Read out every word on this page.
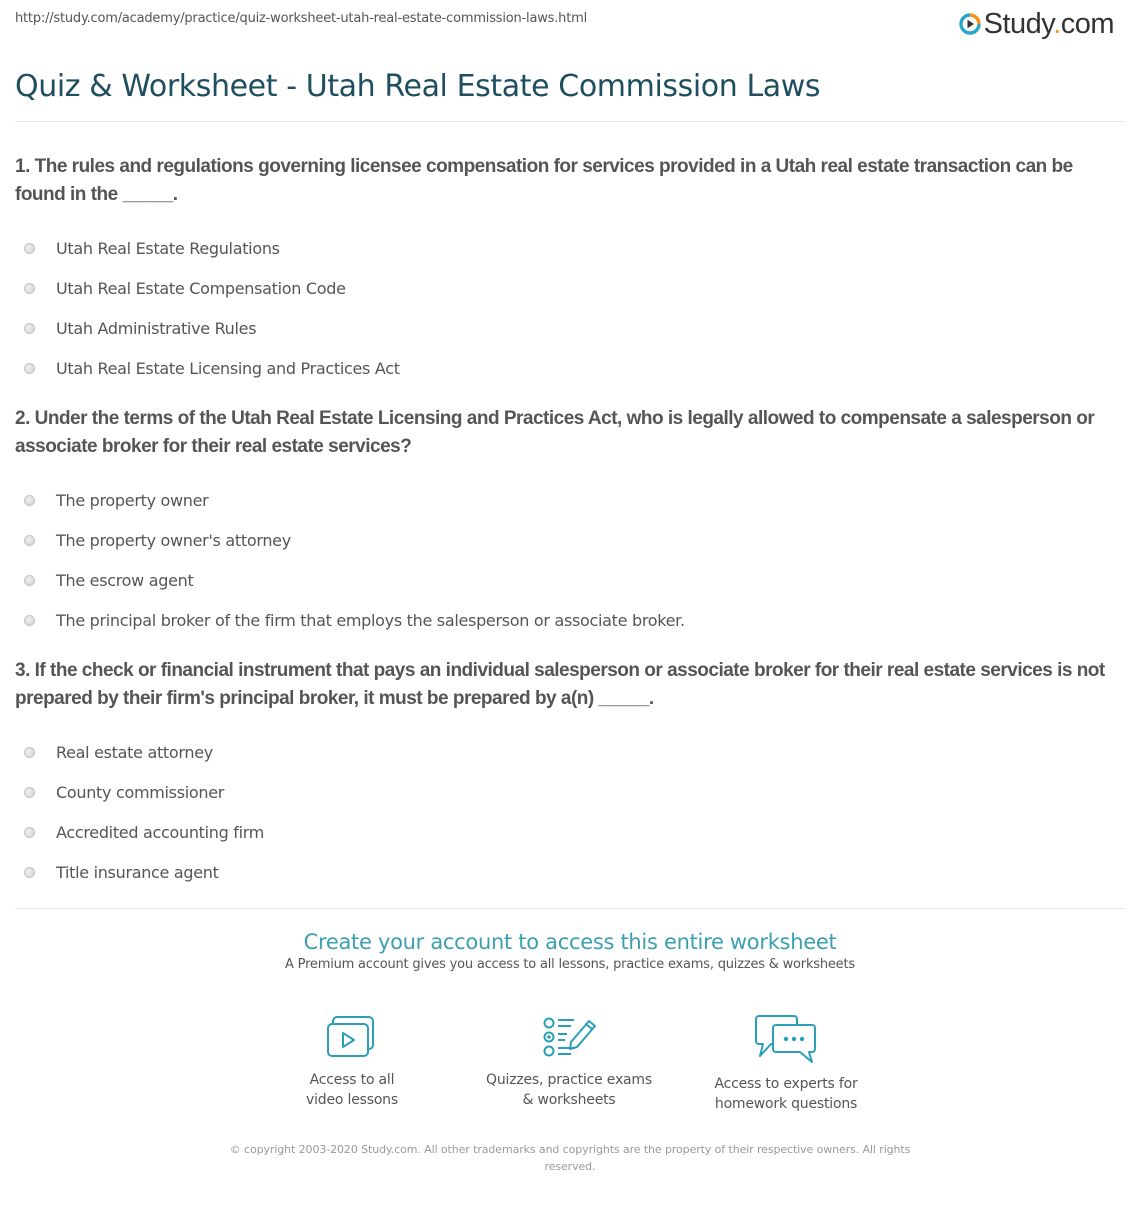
http://study.com/academy/practice/quiz-worksheet-utah-real-estate-commission-laws.html	Study.com
Quiz & Worksheet - Utah Real Estate Commission Laws
1. The rules and regulations governing licensee compensation for services provided in a Utah real estate transaction can be found in the _____.
Utah Real Estate Regulations
Utah Real Estate Compensation Code
Utah Administrative Rules
Utah Real Estate Licensing and Practices Act
2. Under the terms of the Utah Real Estate Licensing and Practices Act, who is legally allowed to compensate a salesperson or associate broker for their real estate services?
The property owner
The property owner's attorney
The escrow agent
The principal broker of the firm that employs the salesperson or associate broker.
3. If the check or financial instrument that pays an individual salesperson or associate broker for their real estate services is not prepared by their firm's principal broker, it must be prepared by a(n) _____.
Real estate attorney
County commissioner
Accredited accounting firm
Title insurance agent
Create your account to access this entire worksheet
A Premium account gives you access to all lessons, practice exams, quizzes & worksheets
Access to all
video lessons
Quizzes, practice exams
& worksheets
Access to experts for
homework questions
© copyright 2003-2020 Study.com. All other trademarks and copyrights are the property of their respective owners. All rights reserved.
